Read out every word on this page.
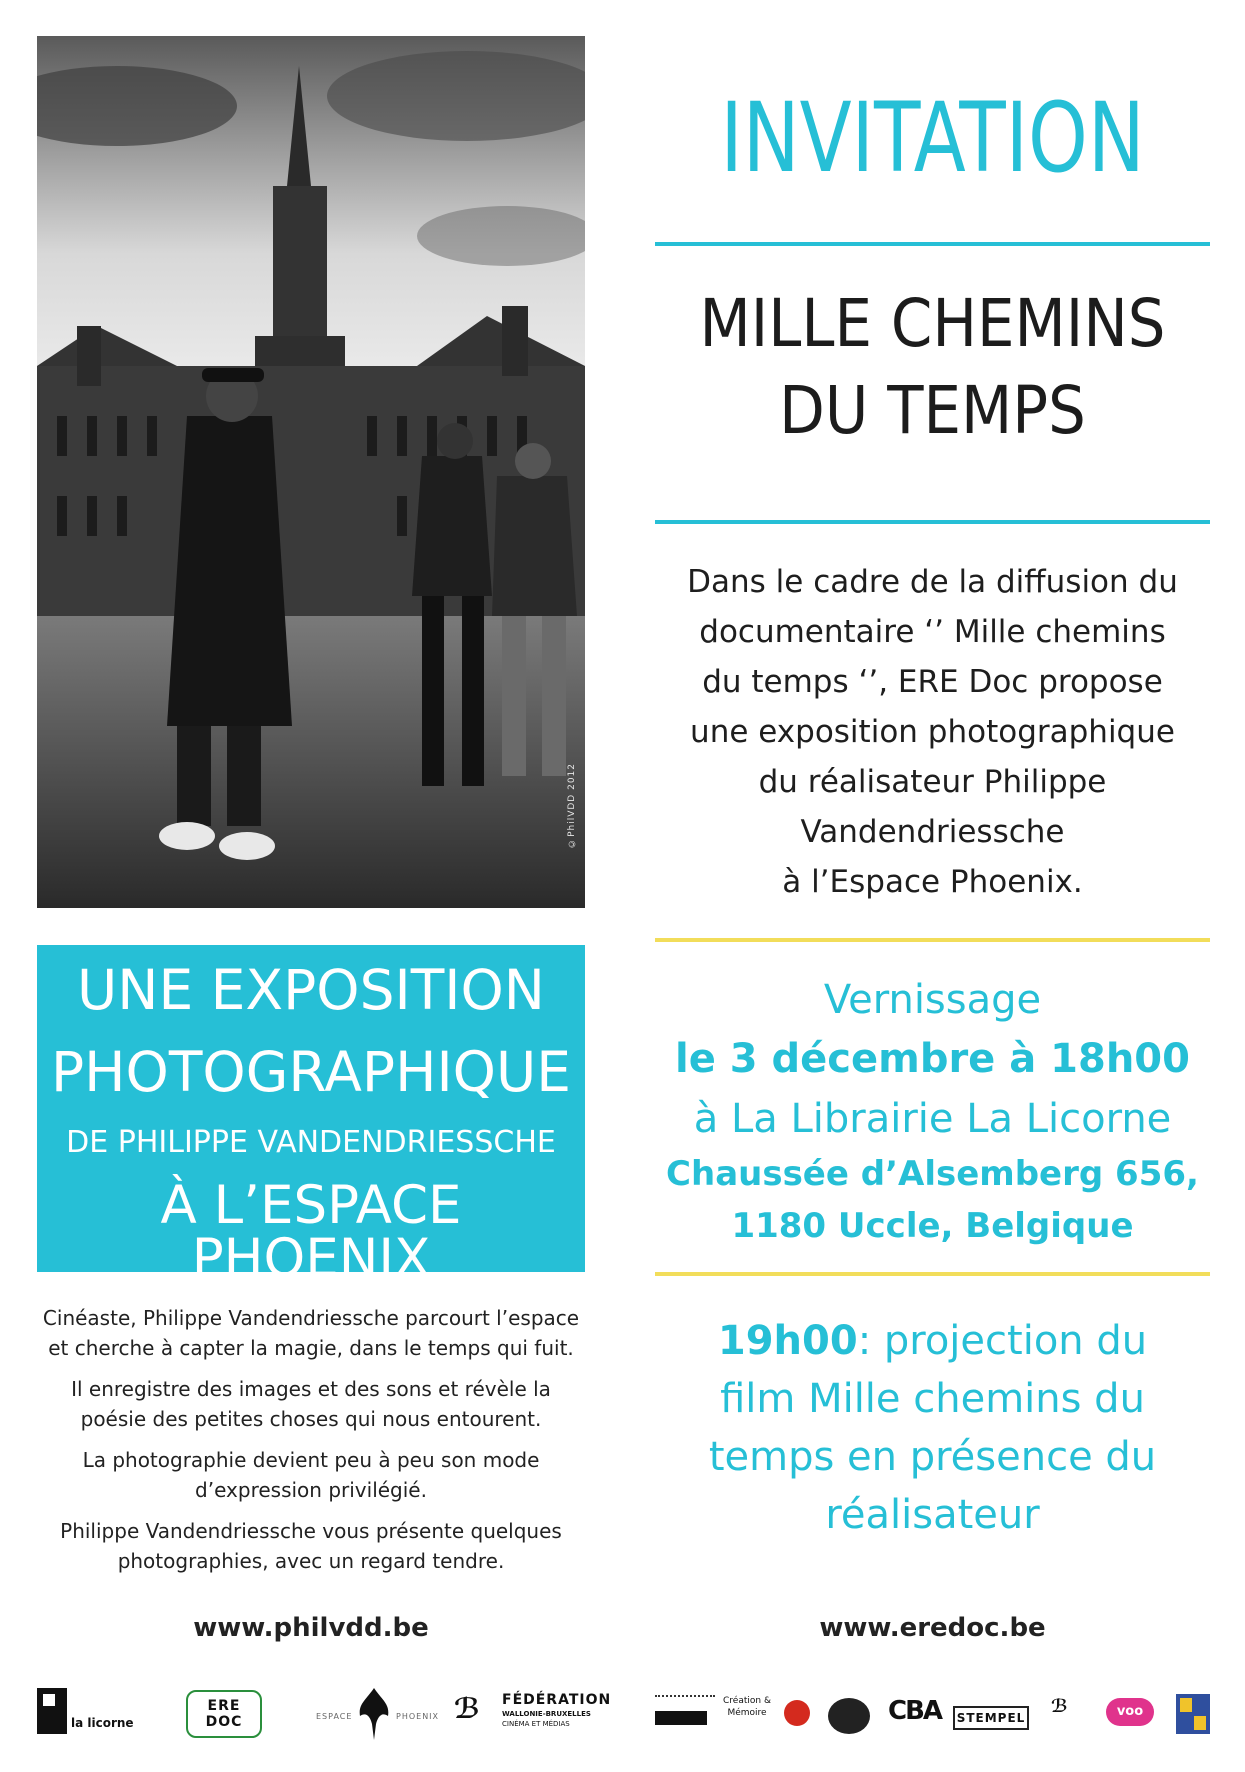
©PhilVDD 2012
UNE EXPOSITION
PHOTOGRAPHIQUE
DE PHILIPPE VANDENDRIESSCHE
À L’ESPACE PHOENIX

Cinéaste, Philippe Vandendriessche parcourt l’espace et cherche à capter la magie, dans le temps qui fuit.

Il enregistre des images et des sons et révèle la poésie des petites choses qui nous entourent.

La photographie devient peu à peu son mode d’expression privilégié.

Philippe Vandendriessche vous présente quelques photographies, avec un regard tendre.

www.philvdd.be
INVITATION
MILLE CHEMINS
DU TEMPS
Dans le cadre de la diffusion du
documentaire ‘’ Mille chemins
du temps ‘’, ERE Doc propose
une exposition photographique
du réalisateur Philippe
Vandendriessche
à l’Espace Phoenix.
Vernissage
le 3 décembre à 18h00
à La Librairie La Licorne
Chaussée d’Alsemberg 656,
1180 Uccle, Belgique
19h00: projection du
film Mille chemins du
temps en présence du
réalisateur
www.eredoc.be
la licorne
ERE
DOC	ESPACE	PHOENIX ℬ FÉDÉRATION
WALLONIE-BRUXELLES
CINÉMA ET MÉDIAS
Création & Mémoire	CBA	STEMPEL
ℬ	voo
